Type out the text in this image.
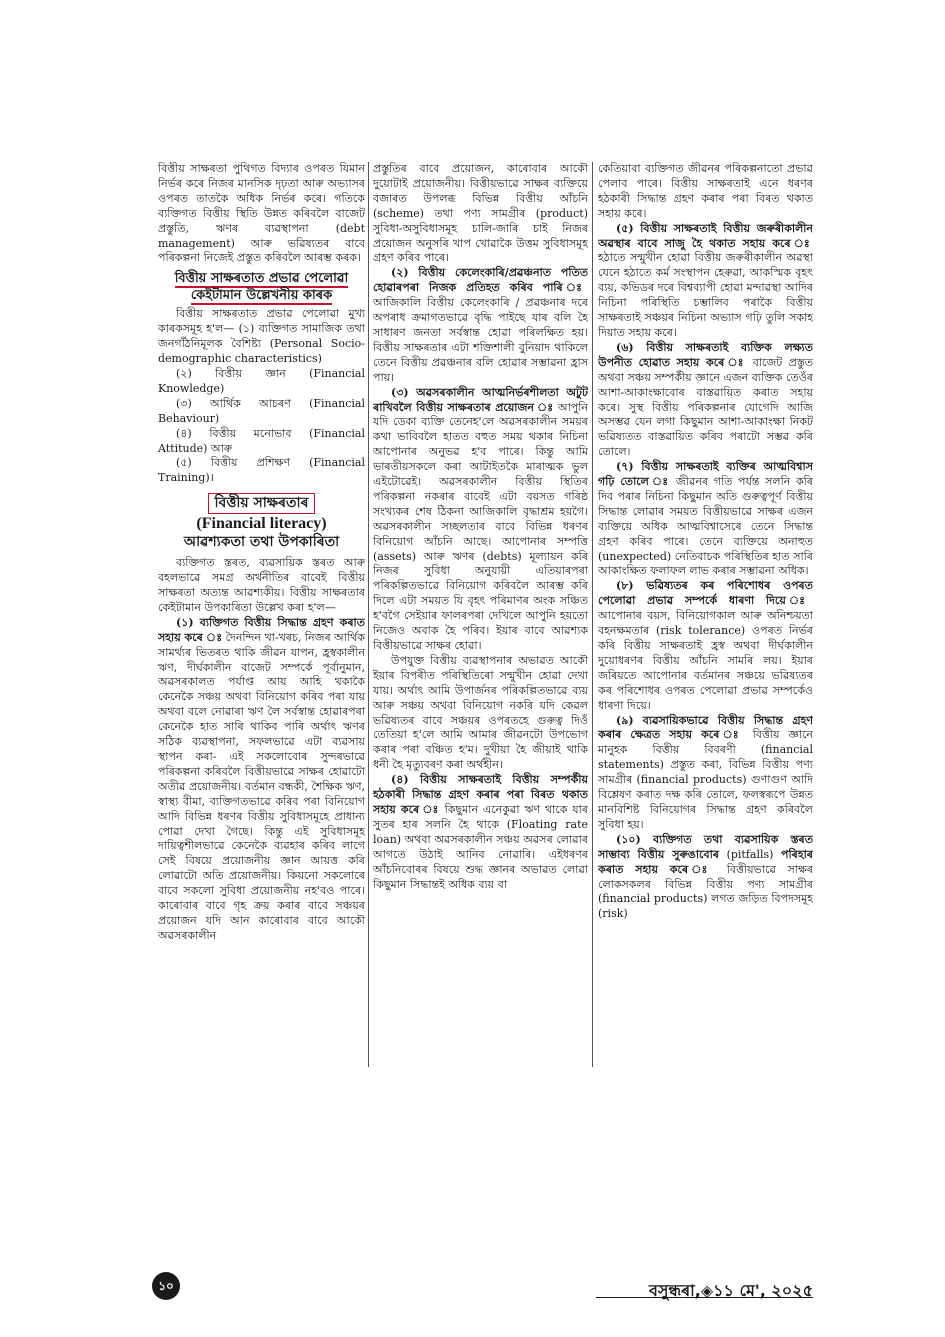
বিত্তীয় সাক্ষৰতা পুথিগত বিদ্যাৰ ওপৰত যিমান নিৰ্ভৰ কৰে নিজৰ মানসিক দৃঢ়তা আৰু অভ্যাসৰ ওপৰত তাতকৈ অধিক নিৰ্ভৰ কৰে। গতিকে ব্যক্তিগত বিত্তীয় স্থিতি উন্নত কৰিবলৈ বাজেট প্ৰস্তুতি, ঋণৰ ব্যৱস্থাপনা (debt management) আৰু ভৱিষ্যতৰ বাবে পৰিকল্পনা নিজেই প্ৰস্তুত কৰিবলৈ আৰম্ভ কৰক।

বিত্তীয় সাক্ষৰতাত প্ৰভাৱ পেলোৱা কেইটামান উল্লেখনীয় কাৰক

বিত্তীয় সাক্ষৰতাত প্ৰভাৱ পেলোৱা মুখ্য কাৰকসমূহ হ'ল— (১) ব্যক্তিগত সামাজিক তথা জনগাঁঠনিমূলক বৈশিষ্ট্য (Personal Socio-demographic characteristics)

(২) বিত্তীয় জ্ঞান (Financial Knowledge)

(৩) আৰ্থিক আচৰণ (Financial Behaviour)

(৪) বিত্তীয় মনোভাব (Financial Attitude) আৰু

(৫) বিত্তীয় প্ৰশিক্ষণ (Financial Training)।

বিত্তীয় সাক্ষৰতাৰ
(Financial literacy)
আৱশ্যকতা তথা উপকাৰিতা

ব্যক্তিগত স্তৰত, ব্যৱসায়িক স্তৰত আৰু বহলভাৱে সমগ্ৰ অৰ্থনীতিৰ বাবেই বিত্তীয় সাক্ষৰতা অত্যন্ত আৱশ্যকীয়। বিত্তীয় সাক্ষৰতাৰ কেইটামান উপকাৰিতা উল্লেখ কৰা হ'ল—

(১) ব্যক্তিগত বিত্তীয় সিদ্ধান্ত গ্ৰহণ কৰাত সহায় কৰে ঃ দৈনন্দিন খা-খৰচ, নিজৰ আৰ্থিক সামৰ্থ্যৰ ভিতৰত থাকি জীৱন যাপন, হ্ৰস্বকালীন ঋণ, দীৰ্ঘকালীন বাজেট সম্পৰ্কে পূৰ্বানুমান, অৱসৰকালত পৰ্যাপ্ত আয় আহি থকাকৈ কেনেকৈ সঞ্চয় অথবা বিনিয়োগ কৰিব পৰা যায় অথবা বলে নোৱাৰা ঋণ লৈ সৰ্বস্বান্ত হোৱাৰপৰা কেনেকৈ হাত সাৰি থাকিব পাৰি অৰ্থাৎ ঋণৰ সঠিক ব্যৱস্থাপনা, সফলভাৱে এটা ব্যৱসায় স্থাপন কৰা- এই সকলোবোৰ সুন্দৰভাৱে পৰিকল্পনা কৰিবলৈ বিত্তীয়ভাৱে সাক্ষৰ হোৱাটো অতীৱ প্ৰয়োজনীয়। বৰ্তমান বন্ধকী, শৈক্ষিক ঋণ, স্বাস্থ্য বীমা, ব্যক্তিগতভাৱে কৰিব পৰা বিনিয়োগ আদি বিভিন্ন ধৰণৰ বিত্তীয় সুবিধাসমূহে প্ৰাধান্য পোৱা দেখা গৈছে। কিন্তু এই সুবিধাসমূহ দায়িত্বশীলভাৱে কেনেকৈ ব্যৱহাৰ কৰিব লাগে সেই বিষয়ে প্ৰয়োজনীয় জ্ঞান আয়ত্ত কৰি লোৱাটো অতি প্ৰয়োজনীয়। কিয়নো সকলোৰে বাবে সকলো সুবিধা প্ৰয়োজনীয় নহ'বও পাৰে। কাৰোবাৰ বাবে গৃহ ক্ৰয় কৰাৰ বাবে সঞ্চয়ৰ প্ৰয়োজন যদি আন কাৰোবাৰ বাবে আকৌ অৱসৰকালীন

প্ৰস্তুতিৰ বাবে প্ৰয়োজন, কাৰোবাৰ আকৌ দুয়োটাই প্ৰয়োজনীয়। বিত্তীয়ভাৱে সাক্ষৰ ব্যক্তিয়ে বজাৰত উপলব্ধ বিভিন্ন বিত্তীয় আঁচনি (scheme) তথা পণ্য সামগ্ৰীৰ (product) সুবিধা-অসুবিধাসমূহ চালি-জাৰি চাই নিজৰ প্ৰয়োজন অনুসৰি খাপ খোৱাকৈ উত্তম সুবিধাসমূহ গ্ৰহণ কৰিব পাৰে।

(২) বিত্তীয় কেলেংকাৰি/প্ৰৱঞ্চনাত পতিত হোৱাৰপৰা নিজক প্ৰতিহত কৰিব পাৰি ঃ আজিকালি বিত্তীয় কেলেংকাৰি / প্ৰৱঞ্চনাৰ দৰে অপৰাধ ক্ৰমাগতভাৱে বৃদ্ধি পাইছে যাৰ বলি হৈ সাধাৰণ জনতা সৰ্বস্বান্ত হোৱা পৰিলক্ষিত হয়। বিত্তীয় সাক্ষৰতাৰ এটা শক্তিশালী বুনিয়াদ থাকিলে তেনে বিত্তীয় প্ৰৱঞ্চনাৰ বলি হোৱাৰ সম্ভাৱনা হ্ৰাস পায়।

(৩) অৱসৰকালীন আত্মনিৰ্ভৰশীলতা অটুট ৰাখিবলৈ বিত্তীয় সাক্ষৰতাৰ প্ৰয়োজন ঃ আপুনি যদি ডেকা ব্যক্তি তেনেহ'লে অৱসৰকালীন সময়ৰ কথা ভাবিবলৈ হাতত বহুত সময় থকাৰ নিচিনা আপোনাৰ অনুভৱ হ'ব পাৰে। কিন্তু আমি ভাৰতীয়সকলে কৰা আটাইতকৈ মাৰাত্মক ভুল এইটোৱেই। অৱসৰকালীন বিত্তীয় স্থিতিৰ পৰিকল্পনা নকৰাৰ বাবেই এটা বয়সত গৰিষ্ঠ সংখ্যকৰ শেষ ঠিকনা আজিকালি বৃদ্ধাশ্ৰম হয়গৈ। অৱসৰকালীন সচ্ছলতাৰ বাবে বিভিন্ন ধৰণৰ বিনিয়োগ আঁচনি আছে। আপোনাৰ সম্পত্তি (assets) আৰু ঋণৰ (debts) মূল্যায়ন কৰি নিজৰ সুবিধা অনুযায়ী এতিয়াৰপৰা পৰিকল্পিতভাৱে বিনিয়োগ কৰিবলৈ আৰম্ভ কৰি দিলে এটা সময়ত যি বৃহৎ পৰিমাণৰ অংক সঞ্চিত হ'বগৈ সেইয়াৰ ফালৰপৰা দেখিলে আপুনি হয়তো নিজেও অবাক হৈ পৰিব। ইয়াৰ বাবে আৱশ্যক বিত্তীয়ভাৱে সাক্ষৰ হোৱা।

উপযুক্ত বিত্তীয় ব্যৱস্থাপনাৰ অভাৱত আকৌ ইয়াৰ বিপৰীত পৰিস্থিতিৰো সন্মুখীন হোৱা দেখা যায়। অৰ্থাৎ আমি উপাৰ্জনৰ পৰিকল্পিতভাৱে ব্যয় আৰু সঞ্চয় অথবা বিনিয়োগ নকৰি যদি কেৱল ভৱিষ্যতৰ বাবে সঞ্চয়ৰ ওপৰতহে গুৰুত্ব দিওঁ তেতিয়া হ'লে আমি আমাৰ জীৱনটো উপভোগ কৰাৰ পৰা বঞ্চিত হ'ম। দুখীয়া হৈ জীয়াই থাকি ধনী হৈ মৃত্যুবৰণ কৰা অৰ্থহীন।

(৪) বিত্তীয় সাক্ষৰতাই বিত্তীয় সম্পৰ্কীয় হঠকাৰী সিদ্ধান্ত গ্ৰহণ কৰাৰ পৰা বিৰত থকাত সহায় কৰে ঃ কিছুমান এনেকুৱা ঋণ থাকে যাৰ সুতৰ হাৰ সলনি হৈ থাকে (Floating rate loan) অথবা অৱসৰকালীন সঞ্চয় অৱসৰ লোৱাৰ আগতে উঠাই আনিব নোৱাৰি। এইধৰণৰ আঁচনিবোৰৰ বিষয়ে শুদ্ধ জ্ঞানৰ অভাৱত লোৱা কিছুমান সিদ্ধান্তই অধিক ব্যয় বা

কেতিয়াবা ব্যক্তিগত জীৱনৰ পৰিকল্পনাতো প্ৰভাৱ পেলাব পাৰে। বিত্তীয় সাক্ষৰতাই এনে ধৰণৰ হঠকাৰী সিদ্ধান্ত গ্ৰহণ কৰাৰ পৰা বিৰত থকাত সহায় কৰে।

(৫) বিত্তীয় সাক্ষৰতাই বিত্তীয় জৰুৰীকালীন অৱস্থাৰ বাবে সাজু হৈ থকাত সহায় কৰে ঃ হঠাতে সন্মুখীন হোৱা বিত্তীয় জৰুৰীকালীন অৱস্থা যেনে হঠাতে কৰ্ম সংস্থাপন হেৰুৱা, আকস্মিক বৃহৎ ব্যয়, কভিডৰ দৰে বিশ্বব্যাপী হোৱা মন্দাৱস্থা আদিৰ নিচিনা পৰিস্থিতি চম্ভালিব পৰাকৈ বিত্তীয় সাক্ষৰতাই সঞ্চয়ৰ নিচিনা অভ্যাস গঢ়ি তুলি সকাহ দিয়াত সহায় কৰে।

(৬) বিত্তীয় সাক্ষৰতাই ব্যক্তিক লক্ষ্যত উপনীত হোৱাত সহায় কৰে ঃ বাজেট প্ৰস্তুত অথবা সঞ্চয় সম্পৰ্কীয় জ্ঞানে এজন ব্যক্তিক তেওঁৰ আশা-আকাংক্ষাবোৰ বাস্তৱায়িত কৰাত সহায় কৰে। সুস্থ বিত্তীয় পৰিকল্পনাৰ যোগেদি আজি অসম্ভৱ যেন লগা কিছুমান আশা-আকাংক্ষা নিকট ভৱিষ্যতত বাস্তৱায়িত কৰিব পৰাটো সম্ভৱ কৰি তোলে।

(৭) বিত্তীয় সাক্ষৰতাই ব্যক্তিৰ আত্মবিশ্বাস গঢ়ি তোলে ঃ জীৱনৰ গতি পৰ্যন্ত সলনি কৰি দিব পৰাৰ নিচিনা কিছুমান অতি গুৰুত্বপূৰ্ণ বিত্তীয় সিদ্ধান্ত লোৱাৰ সময়ত বিত্তীয়ভাৱে সাক্ষৰ এজন ব্যক্তিয়ে অধিক আত্মবিশ্বাসেৰে তেনে সিদ্ধান্ত গ্ৰহণ কৰিব পাৰে। তেনে ব্যক্তিয়ে অনাহুত (unexpected) নেতিবাচক পৰিস্থিতিৰ হাত সাৰি আকাংক্ষিত ফলাফল লাভ কৰাৰ সম্ভাৱনা অধিক।

(৮) ভৱিষ্যতৰ কৰ পৰিশোধৰ ওপৰত পেলোৱা প্ৰভাৱ সম্পৰ্কে ধাৰণা দিয়ে ঃ আপোনাৰ বয়স, বিনিয়োগকাল আৰু অনিশ্চয়তা বহনক্ষমতাৰ (risk tolerance) ওপৰত নিৰ্ভৰ কৰি বিত্তীয় সাক্ষৰতাই হ্ৰস্ব অথবা দীৰ্ঘকালীন দুয়োধৰণৰ বিত্তীয় আঁচনি সামৰি লয়। ইয়াৰ জৰিয়তে আপোনাৰ বৰ্তমানৰ সঞ্চয়ে ভৱিষ্যতৰ কৰ পৰিশোধৰ ওপৰত পেলোৱা প্ৰভাৱ সম্পৰ্কেও ধাৰণা দিয়ে।

(৯) ব্যৱসায়িকভাৱে বিত্তীয় সিদ্ধান্ত গ্ৰহণ কৰাৰ ক্ষেত্ৰত সহায় কৰে ঃ বিত্তীয় জ্ঞানে মানুহক বিত্তীয় বিবৰণী (financial statements) প্ৰস্তুত কৰা, বিভিন্ন বিত্তীয় পণ্য সামগ্ৰীৰ (financial products) গুণাগুণ আদি বিশ্লেষণ কৰাত দক্ষ কৰি তোলে, ফলস্বৰূপে উন্নত মানবিশিষ্ট বিনিয়োগৰ সিদ্ধান্ত গ্ৰহণ কৰিবলৈ সুবিধা হয়।

(১০) ব্যক্তিগত তথা ব্যৱসায়িক স্তৰত সাম্ভাব্য বিত্তীয় সুৰুঙাবোৰ (pitfalls) পৰিহাৰ কৰাত সহায় কৰে ঃ বিত্তীয়ভাৱে সাক্ষৰ লোকসকলৰ বিভিন্ন বিত্তীয় পণ্য সামগ্ৰীৰ (financial products) লগত জড়িত বিপদসমূহ (risk)

১০	বসুন্ধৰা,◈১১ মে', ২০২৫
